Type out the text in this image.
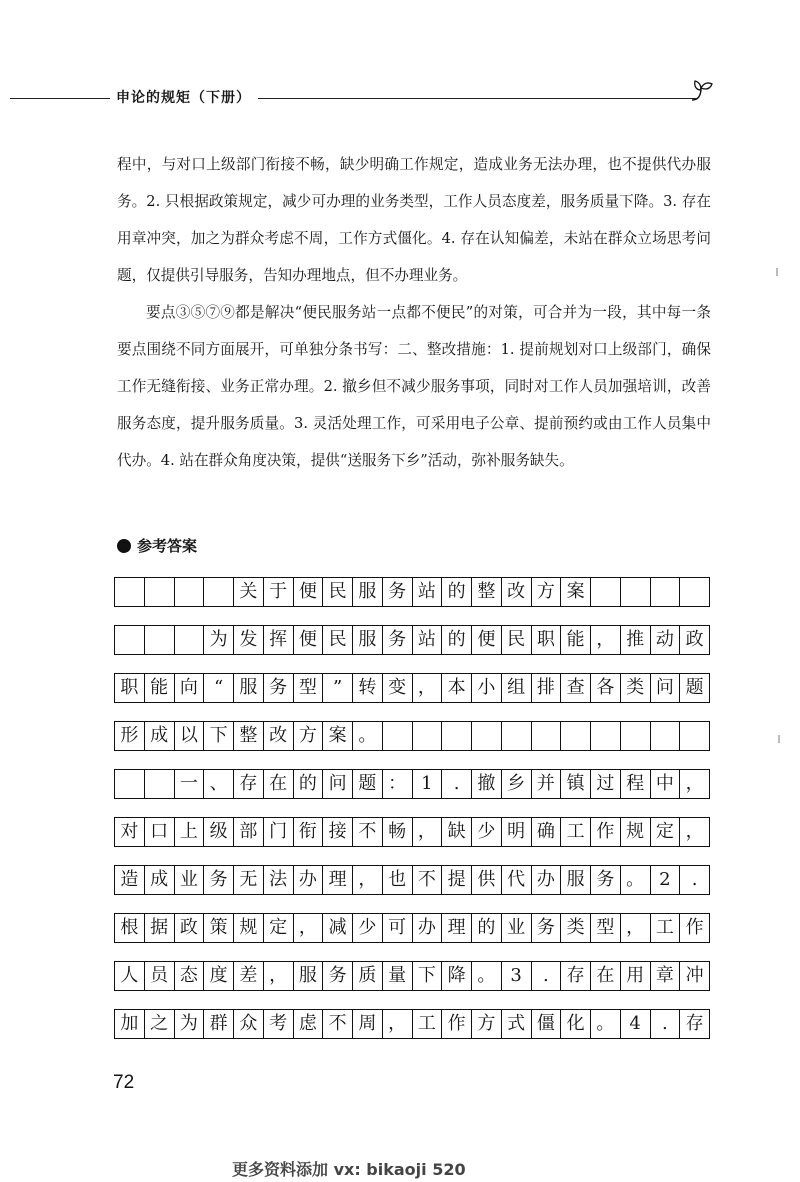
申论的规矩（下册）
程中，与对口上级部门衔接不畅，缺少明确工作规定，造成业务无法办理，也不提供代办服务。2. 只根据政策规定，减少可办理的业务类型，工作人员态度差，服务质量下降。3. 存在用章冲突，加之为群众考虑不周，工作方式僵化。4. 存在认知偏差，未站在群众立场思考问题，仅提供引导服务，告知办理地点，但不办理业务。
要点③⑤⑦⑨都是解决“便民服务站一点都不便民”的对策，可合并为一段，其中每一条要点围绕不同方面展开，可单独分条书写：二、整改措施：1. 提前规划对口上级部门，确保工作无缝衔接、业务正常办理。2. 撤乡但不减少服务事项，同时对工作人员加强培训，改善服务态度，提升服务质量。3. 灵活处理工作，可采用电子公章、提前预约或由工作人员集中代办。4. 站在群众角度决策，提供“送服务下乡”活动，弥补服务缺失。
参考答案
关 于 便 民 服 务 站 的 整 改 方 案
为 发 挥 便 民 服 务 站 的 便 民 职 能 ， 推 动 政
职 能 向 “ 服 务 型 ” 转 变 ， 本 小 组 排 查 各 类 问 题
形 成 以 下 整 改 方 案 。
一 、 存 在 的 问 题 ： 1	. 撤 乡 并 镇 过 程 中 ，
对 口 上 级 部 门 衔 接 不 畅 ， 缺 少 明 确 工 作 规 定 ，
造 成 业 务 无 法 办 理 ， 也 不 提 供 代 办 服 务 。 2	.
根 据 政 策 规 定 ， 减 少 可 办 理 的 业 务 类 型 ， 工 作
人 员 态 度 差 ， 服 务 质 量 下 降 。 3	. 存 在 用 章 冲
加 之 为 群 众 考 虑 不 周 ， 工 作 方 式 僵 化 。 4	. 存
72
更多资料添加 vx: bikaoji 520
